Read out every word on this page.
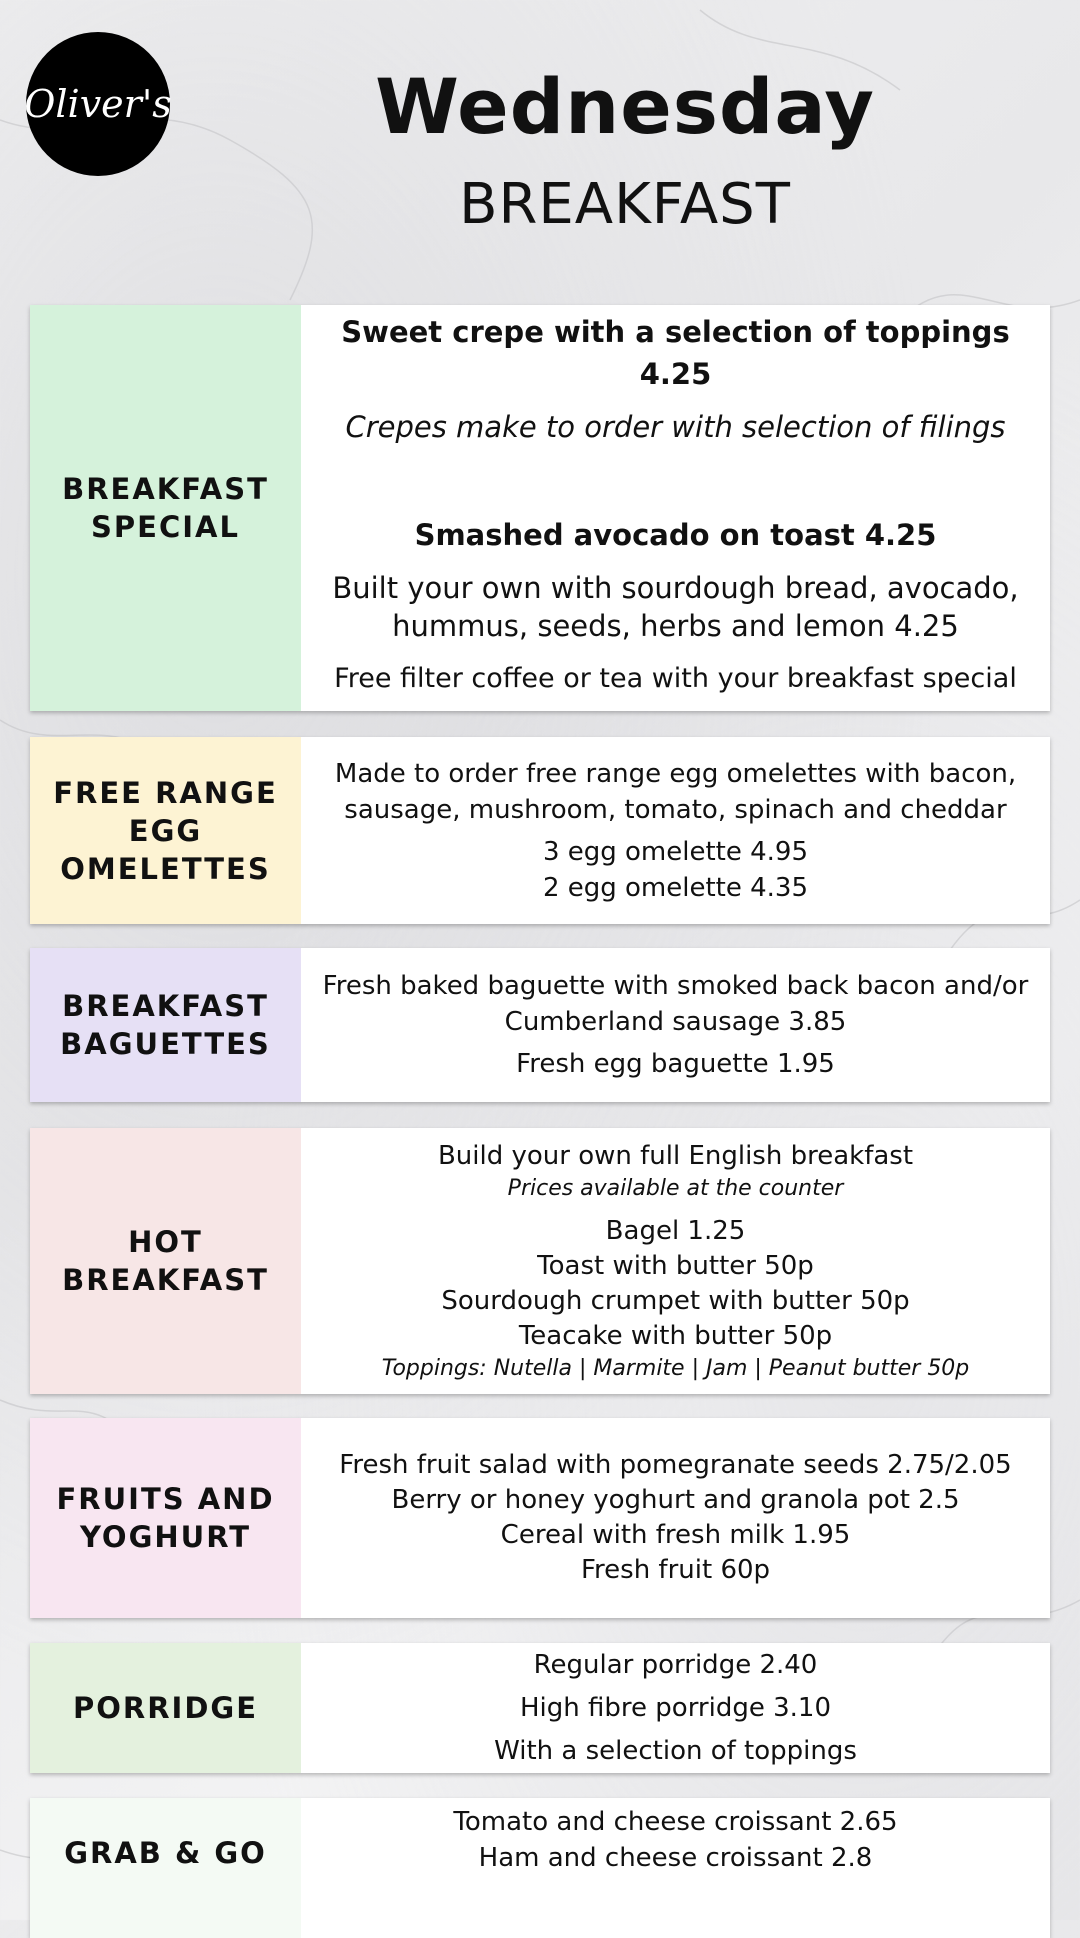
Oliver's	Wednesday
BREAKFAST
BREAKFAST
SPECIAL
Sweet crepe with a selection of toppings 4.25
Crepes make to order with selection of filings
Smashed avocado on toast 4.25
Built your own with sourdough bread, avocado,
hummus, seeds, herbs and lemon 4.25
Free filter coffee or tea with your breakfast special
FREE RANGE
EGG
OMELETTES
Made to order free range egg omelettes with bacon,
sausage, mushroom, tomato, spinach and cheddar
3 egg omelette 4.95
2 egg omelette 4.35
BREAKFAST
BAGUETTES
Fresh baked baguette with smoked back bacon and/or
Cumberland sausage 3.85
Fresh egg baguette 1.95
HOT
BREAKFAST
Build your own full English breakfast
Prices available at the counter
Bagel 1.25
Toast with butter 50p
Sourdough crumpet with butter 50p
Teacake with butter 50p
Toppings: Nutella | Marmite | Jam | Peanut butter 50p
FRUITS AND
YOGHURT
Fresh fruit salad with pomegranate seeds 2.75/2.05
Berry or honey yoghurt and granola pot 2.5
Cereal with fresh milk 1.95
Fresh fruit 60p
PORRIDGE
Regular porridge 2.40
High fibre porridge 3.10
With a selection of toppings
GRAB & GO
Tomato and cheese croissant 2.65
Ham and cheese croissant 2.8
